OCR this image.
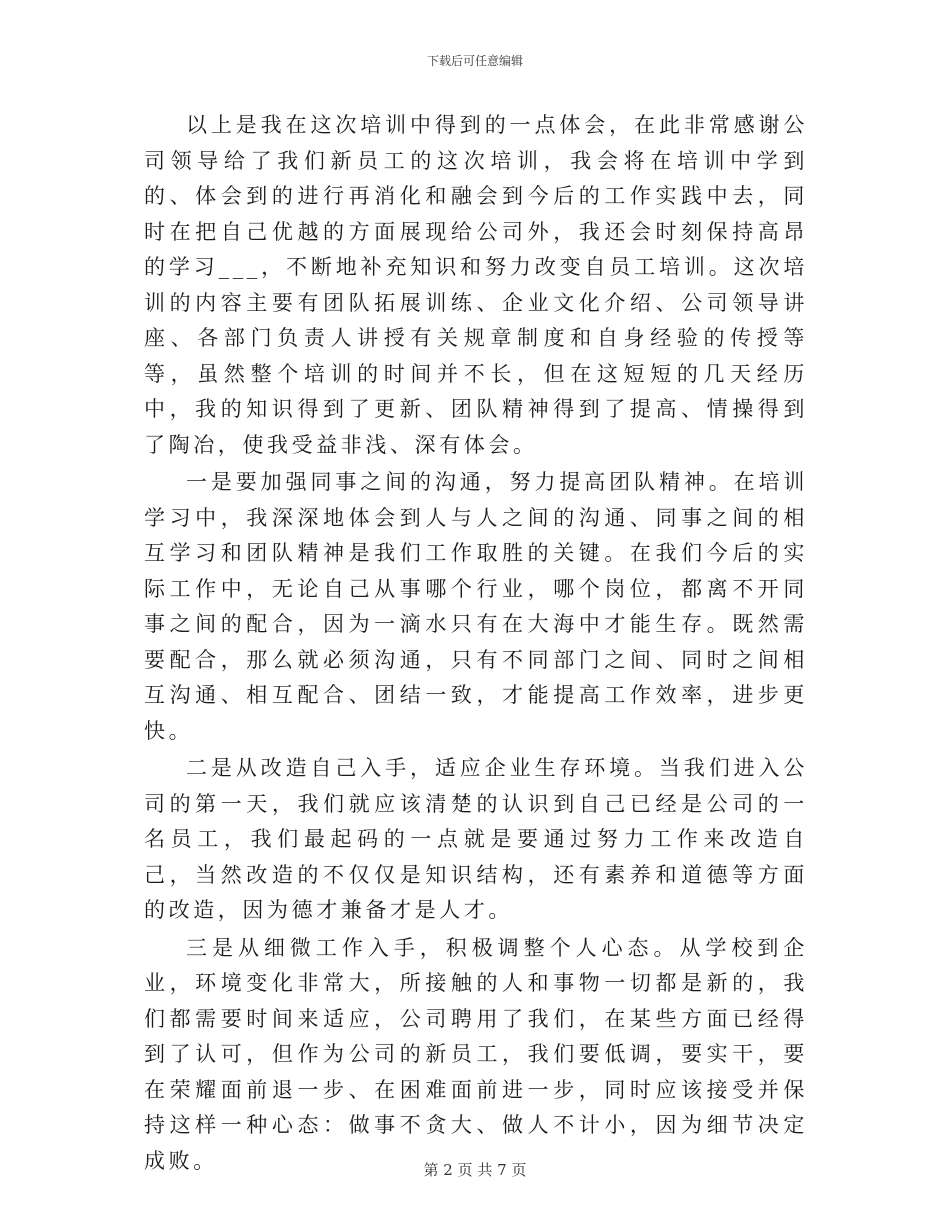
下载后可任意编辑

以上是我在这次培训中得到的一点体会，在此非常感谢公司领导给了我们新员工的这次培训，我会将在培训中学到的、体会到的进行再消化和融会到今后的工作实践中去，同时在把自己优越的方面展现给公司外，我还会时刻保持高昂的学习___，不断地补充知识和努力改变自员工培训。这次培训的内容主要有团队拓展训练、企业文化介绍、公司领导讲座、各部门负责人讲授有关规章制度和自身经验的传授等等，虽然整个培训的时间并不长，但在这短短的几天经历中，我的知识得到了更新、团队精神得到了提高、情操得到了陶冶，使我受益非浅、深有体会。

一是要加强同事之间的沟通，努力提高团队精神。在培训学习中，我深深地体会到人与人之间的沟通、同事之间的相互学习和团队精神是我们工作取胜的关键。在我们今后的实际工作中，无论自己从事哪个行业，哪个岗位，都离不开同事之间的配合，因为一滴水只有在大海中才能生存。既然需要配合，那么就必须沟通，只有不同部门之间、同时之间相互沟通、相互配合、团结一致，才能提高工作效率，进步更快。

二是从改造自己入手，适应企业生存环境。当我们进入公司的第一天，我们就应该清楚的认识到自己已经是公司的一名员工，我们最起码的一点就是要通过努力工作来改造自己，当然改造的不仅仅是知识结构，还有素养和道德等方面的改造，因为德才兼备才是人才。

三是从细微工作入手，积极调整个人心态。从学校到企业，环境变化非常大，所接触的人和事物一切都是新的，我们都需要时间来适应，公司聘用了我们，在某些方面已经得到了认可，但作为公司的新员工，我们要低调，要实干，要在荣耀面前退一步、在困难面前进一步，同时应该接受并保持这样一种心态：做事不贪大、做人不计小，因为细节决定成败。	第 2 页 共 7 页
